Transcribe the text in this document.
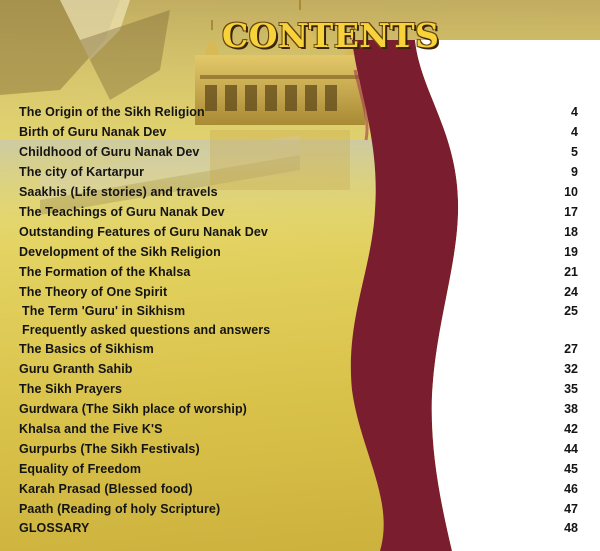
CONTENTS
The Origin of the Sikh Religion	4
Birth of Guru Nanak Dev	4
Childhood of Guru Nanak Dev	5
The city of Kartarpur	9
Saakhis (Life stories) and travels	10
The Teachings of Guru Nanak Dev	17
Outstanding Features of Guru Nanak Dev	18
Development of the Sikh Religion	19
The Formation of the Khalsa	21
The Theory of One Spirit	24
The Term 'Guru' in Sikhism	25
Frequently asked questions and answers
The Basics of Sikhism	27
Guru Granth Sahib	32
The Sikh Prayers	35
Gurdwara (The Sikh place of worship)	38
Khalsa and the Five K'S	42
Gurpurbs (The Sikh Festivals)	44
Equality of Freedom	45
Karah Prasad (Blessed food)	46
Paath (Reading of holy Scripture)	47
GLOSSARY	48
